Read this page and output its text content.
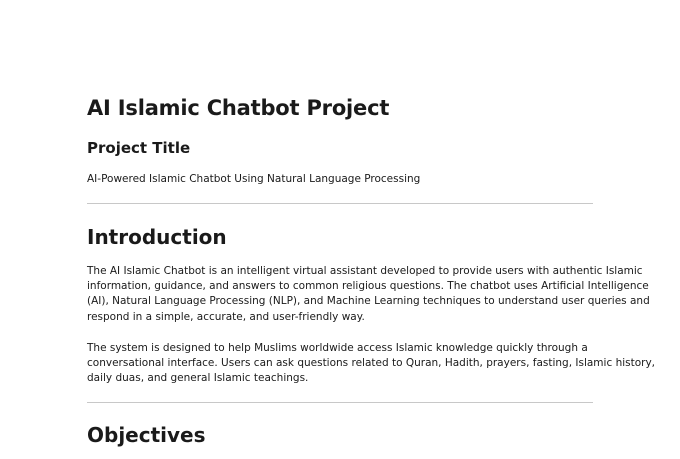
AI Islamic Chatbot Project
Project Title

AI-Powered Islamic Chatbot Using Natural Language Processing

Introduction
The AI Islamic Chatbot is an intelligent virtual assistant developed to provide users with authentic Islamic
information, guidance, and answers to common religious questions. The chatbot uses Artificial Intelligence
(AI), Natural Language Processing (NLP), and Machine Learning techniques to understand user queries and
respond in a simple, accurate, and user-friendly way.
The system is designed to help Muslims worldwide access Islamic knowledge quickly through a
conversational interface. Users can ask questions related to Quran, Hadith, prayers, fasting, Islamic history,
daily duas, and general Islamic teachings.
Objectives
